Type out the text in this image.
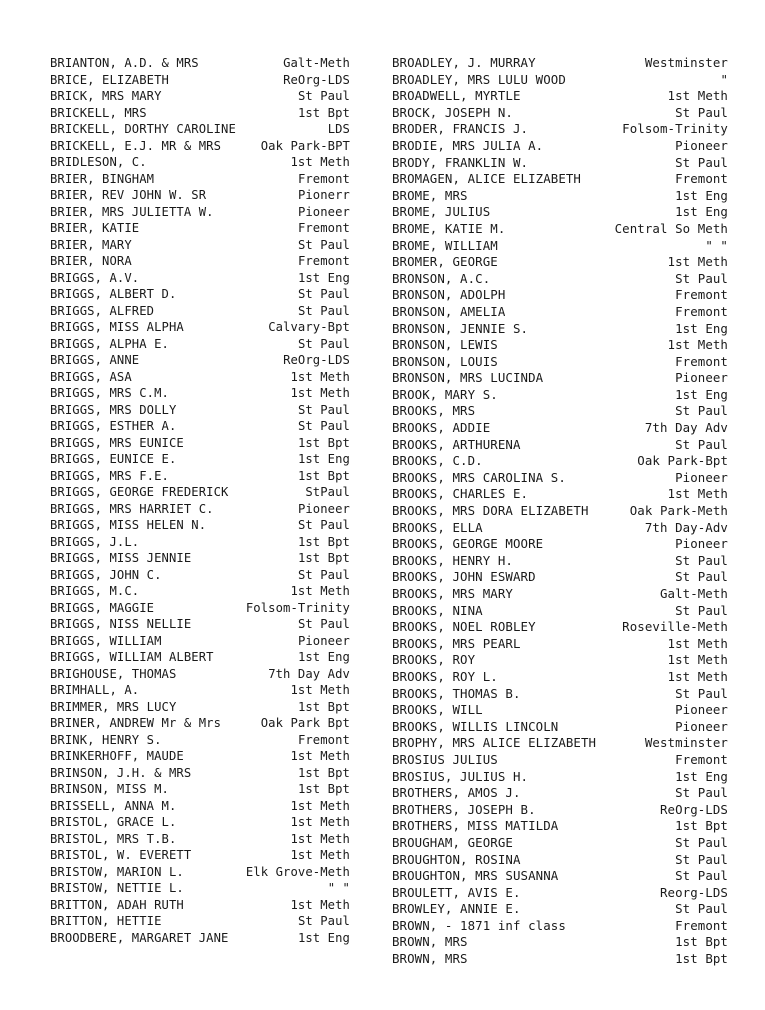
BRIANTON, A.D. & MRS	Galt-Meth
BRICE, ELIZABETH	ReOrg-LDS
BRICK, MRS MARY	St Paul
BRICKELL, MRS	1st Bpt
BRICKELL, DORTHY CAROLINE	LDS
BRICKELL, E.J. MR & MRS	Oak Park-BPT
BRIDLESON, C.	1st Meth
BRIER, BINGHAM	Fremont
BRIER, REV JOHN W. SR	Pionerr
BRIER, MRS JULIETTA W.	Pioneer
BRIER, KATIE	Fremont
BRIER, MARY	St Paul
BRIER, NORA	Fremont
BRIGGS, A.V.	1st Eng
BRIGGS, ALBERT D.	St Paul
BRIGGS, ALFRED	St Paul
BRIGGS, MISS ALPHA	Calvary-Bpt
BRIGGS, ALPHA E.	St Paul
BRIGGS, ANNE	ReOrg-LDS
BRIGGS, ASA	1st Meth
BRIGGS, MRS C.M.	1st Meth
BRIGGS, MRS DOLLY	St Paul
BRIGGS, ESTHER A.	St Paul
BRIGGS, MRS EUNICE	1st Bpt
BRIGGS, EUNICE E.	1st Eng
BRIGGS, MRS F.E.	1st Bpt
BRIGGS, GEORGE FREDERICK	StPaul
BRIGGS, MRS HARRIET C.	Pioneer
BRIGGS, MISS HELEN N.	St Paul
BRIGGS, J.L.	1st Bpt
BRIGGS, MISS JENNIE	1st Bpt
BRIGGS, JOHN C.	St Paul
BRIGGS, M.C.	1st Meth
BRIGGS, MAGGIE	Folsom-Trinity
BRIGGS, NISS NELLIE	St Paul
BRIGGS, WILLIAM	Pioneer
BRIGGS, WILLIAM ALBERT	1st Eng
BRIGHOUSE, THOMAS	7th Day Adv
BRIMHALL, A.	1st Meth
BRIMMER, MRS LUCY	1st Bpt
BRINER, ANDREW Mr & Mrs	Oak Park Bpt
BRINK, HENRY S.	Fremont
BRINKERHOFF, MAUDE	1st Meth
BRINSON, J.H. & MRS	1st Bpt
BRINSON, MISS M.	1st Bpt
BRISSELL, ANNA M.	1st Meth
BRISTOL, GRACE L.	1st Meth
BRISTOL, MRS T.B.	1st Meth
BRISTOL, W. EVERETT	1st Meth
BRISTOW, MARION L.	Elk Grove-Meth
BRISTOW, NETTIE L.	" "
BRITTON, ADAH RUTH	1st Meth
BRITTON, HETTIE	St Paul
BROODBERE, MARGARET JANE	1st Eng
BROADLEY, J. MURRAY	Westminster
BROADLEY, MRS LULU WOOD	"
BROADWELL, MYRTLE	1st Meth
BROCK, JOSEPH N.	St Paul
BRODER, FRANCIS J.	Folsom-Trinity
BRODIE, MRS JULIA A.	Pioneer
BRODY, FRANKLIN W.	St Paul
BROMAGEN, ALICE ELIZABETH	Fremont
BROME, MRS	1st Eng
BROME, JULIUS	1st Eng
BROME, KATIE M.	Central So Meth
BROME, WILLIAM	" "
BROMER, GEORGE	1st Meth
BRONSON, A.C.	St Paul
BRONSON, ADOLPH	Fremont
BRONSON, AMELIA	Fremont
BRONSON, JENNIE S.	1st Eng
BRONSON, LEWIS	1st Meth
BRONSON, LOUIS	Fremont
BRONSON, MRS LUCINDA	Pioneer
BROOK, MARY S.	1st Eng
BROOKS, MRS	St Paul
BROOKS, ADDIE	7th Day Adv
BROOKS, ARTHURENA	St Paul
BROOKS, C.D.	Oak Park-Bpt
BROOKS, MRS CAROLINA S.	Pioneer
BROOKS, CHARLES E.	1st Meth
BROOKS, MRS DORA ELIZABETH	Oak Park-Meth
BROOKS, ELLA	7th Day-Adv
BROOKS, GEORGE MOORE	Pioneer
BROOKS, HENRY H.	St Paul
BROOKS, JOHN ESWARD	St Paul
BROOKS, MRS MARY	Galt-Meth
BROOKS, NINA	St Paul
BROOKS, NOEL ROBLEY	Roseville-Meth
BROOKS, MRS PEARL	1st Meth
BROOKS, ROY	1st Meth
BROOKS, ROY L.	1st Meth
BROOKS, THOMAS B.	St Paul
BROOKS, WILL	Pioneer
BROOKS, WILLIS LINCOLN	Pioneer
BROPHY, MRS ALICE ELIZABETH	Westminster
BROSIUS JULIUS	Fremont
BROSIUS, JULIUS H.	1st Eng
BROTHERS, AMOS J.	St Paul
BROTHERS, JOSEPH B.	ReOrg-LDS
BROTHERS, MISS MATILDA	1st Bpt
BROUGHAM, GEORGE	St Paul
BROUGHTON, ROSINA	St Paul
BROUGHTON, MRS SUSANNA	St Paul
BROULETT, AVIS E.	Reorg-LDS
BROWLEY, ANNIE E.	St Paul
BROWN, - 1871 inf class	Fremont
BROWN, MRS	1st Bpt
BROWN, MRS	1st Bpt
